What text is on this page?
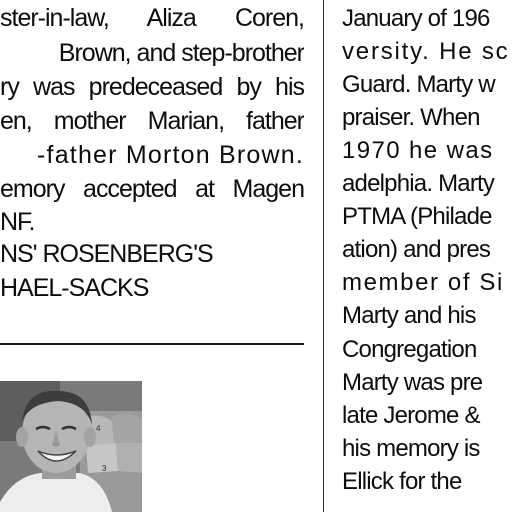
ster-in-law, Aliza Coren,
Brown, and step-brother
ry was predeceased by his
en, mother Marian, father
-father Morton Brown.
emory accepted at Magen
NF.
NS' ROSENBERG'S
HAEL-SACKS
4
3
January of 196
versity. He sc
Guard. Marty w
praiser. When
1970 he was
adelphia. Marty
PTMA (Philade
ation) and pres
member of Si
Marty and his
Congregation
Marty was pre
late Jerome &
his memory is
Ellick for the
